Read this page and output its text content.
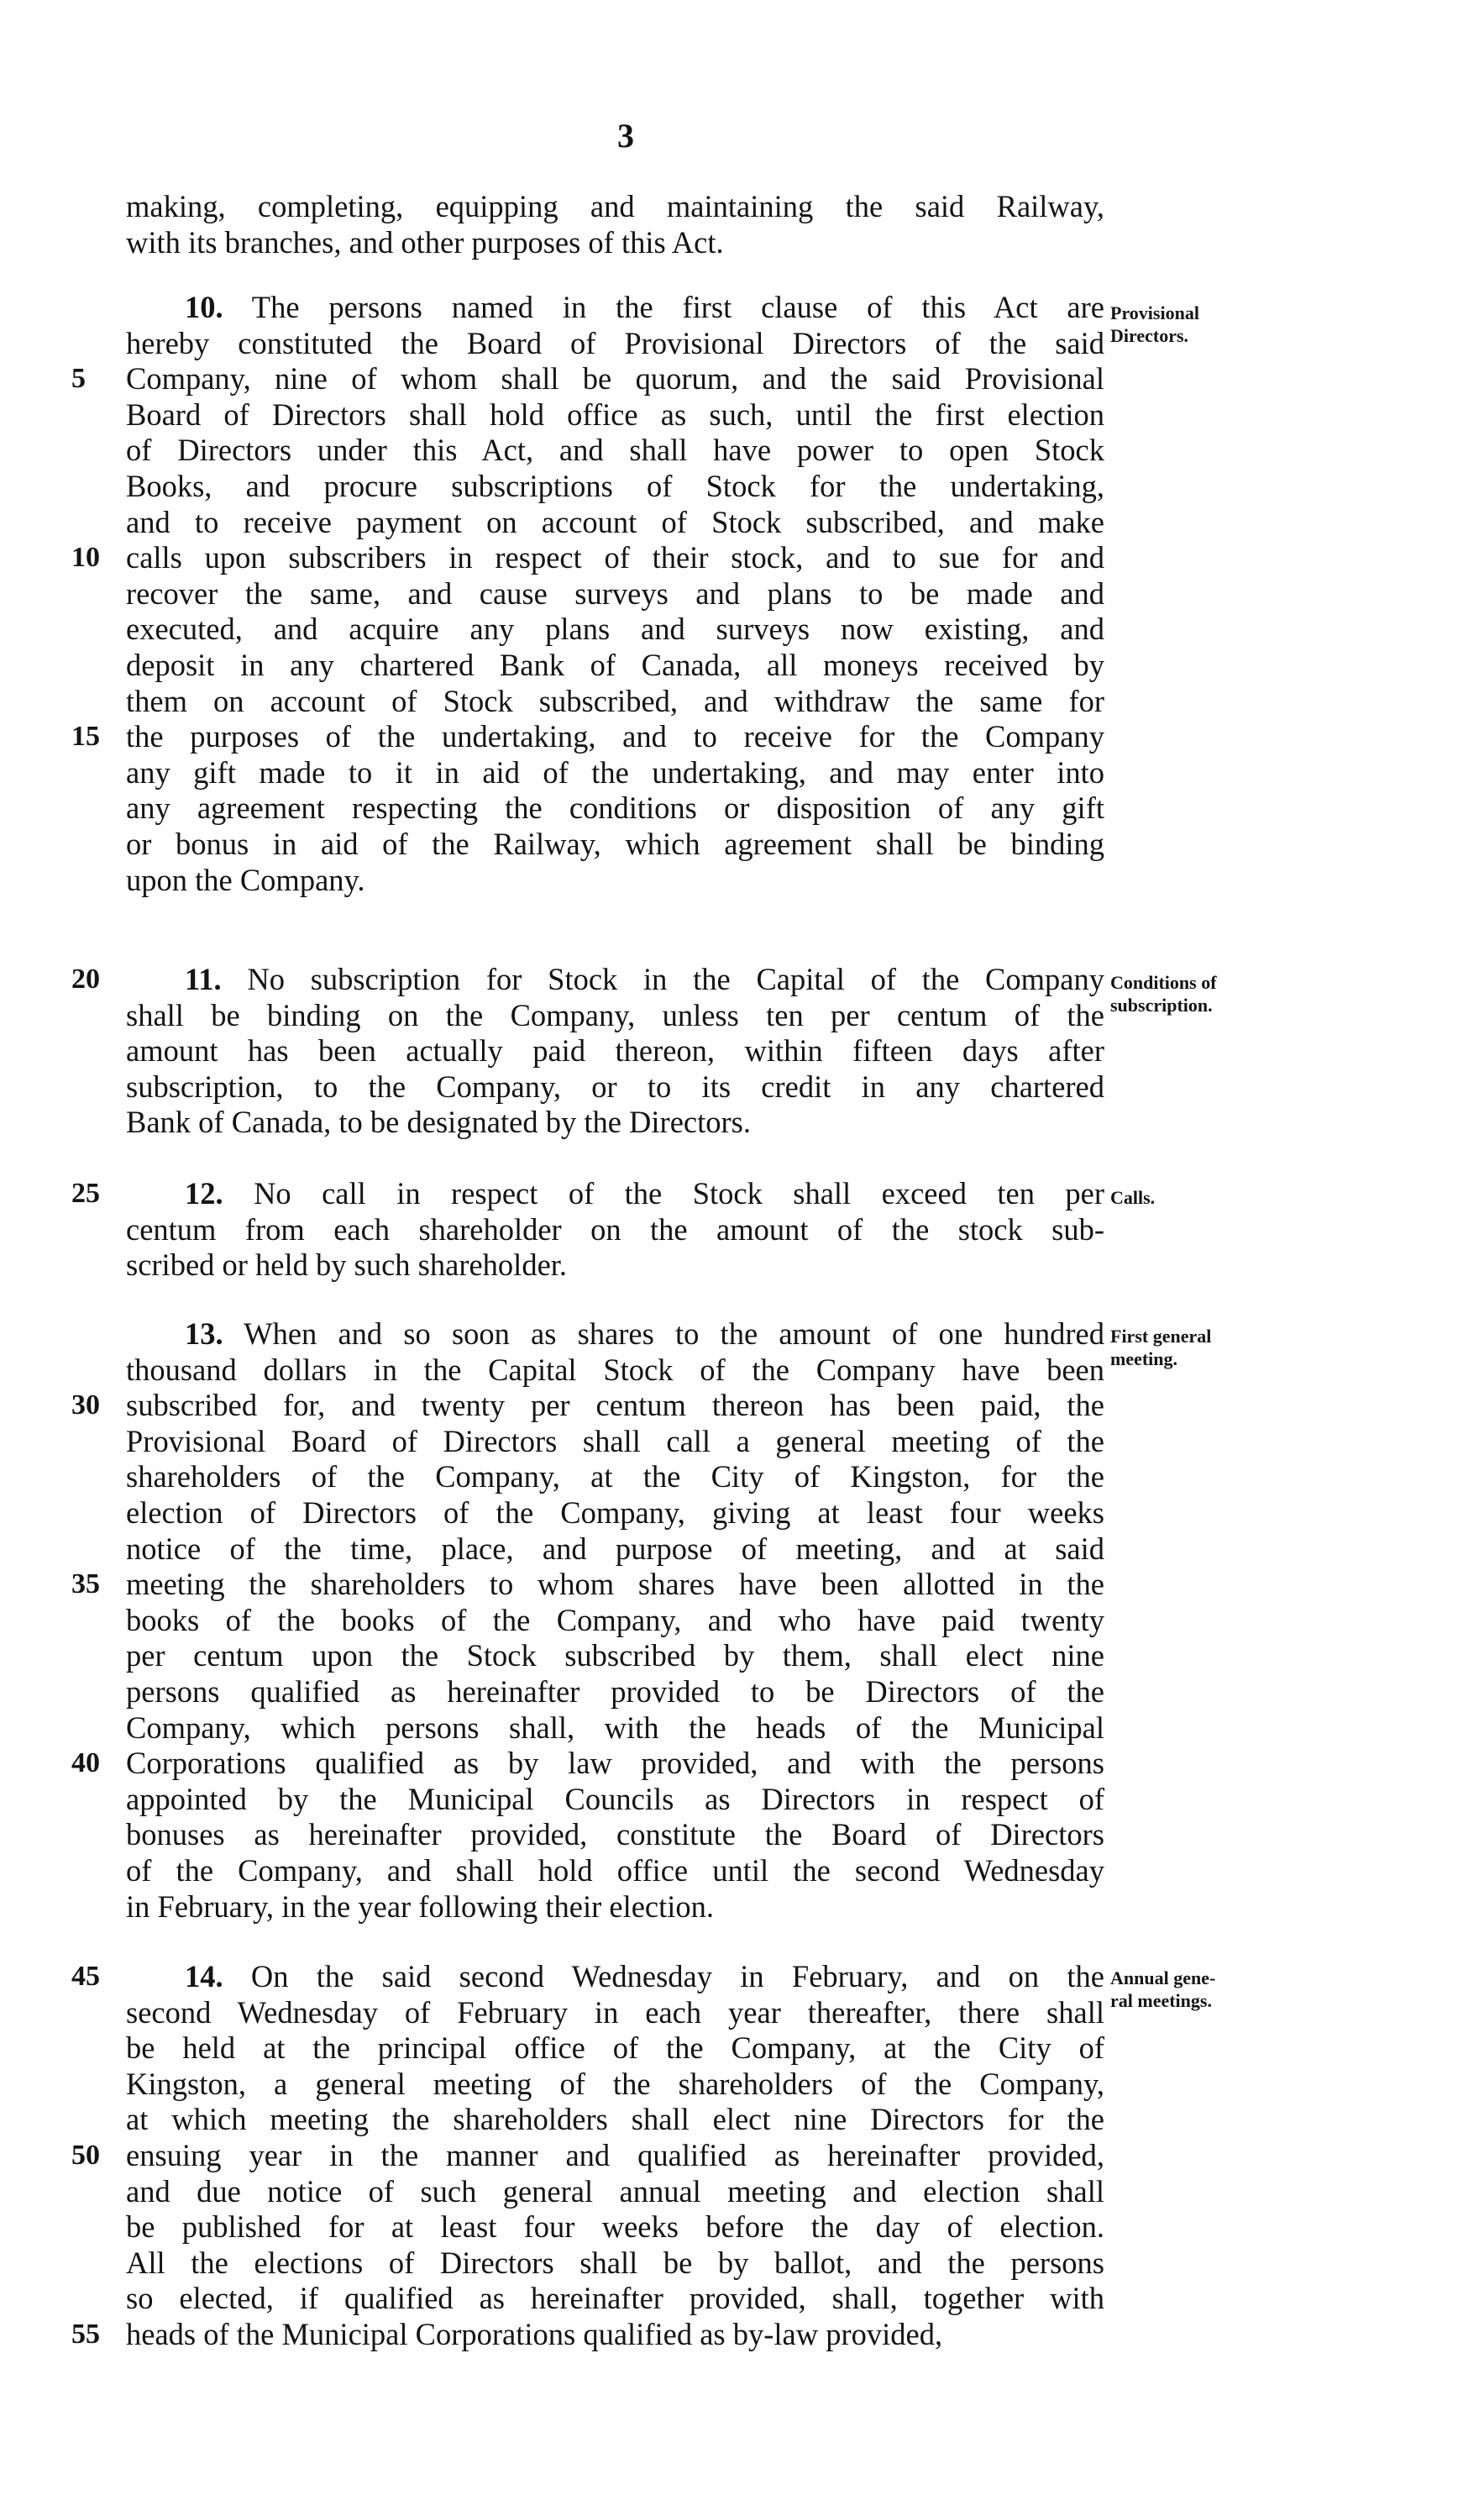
3
making, completing, equipping and maintaining the said Railway,
with its branches, and other purposes of this Act.
10. The persons named in the first clause of this Act are
hereby constituted the Board of Provisional Directors of the said
Company, nine of whom shall be quorum, and the said Provisional
5
Board of Directors shall hold office as such, until the first election
of Directors under this Act, and shall have power to open Stock
Books, and procure subscriptions of Stock for the undertaking,
and to receive payment on account of Stock subscribed, and make
calls upon subscribers in respect of their stock, and to sue for and
10
recover the same, and cause surveys and plans to be made and
executed, and acquire any plans and surveys now existing, and
deposit in any chartered Bank of Canada, all moneys received by
them on account of Stock subscribed, and withdraw the same for
the purposes of the undertaking, and to receive for the Company
15
any gift made to it in aid of the undertaking, and may enter into
any agreement respecting the conditions or disposition of any gift
or bonus in aid of the Railway, which agreement shall be binding
upon the Company.
11. No subscription for Stock in the Capital of the Company
20
shall be binding on the Company, unless ten per centum of the
amount has been actually paid thereon, within fifteen days after
subscription, to the Company, or to its credit in any chartered
Bank of Canada, to be designated by the Directors.
12. No call in respect of the Stock shall exceed ten per
25
centum from each shareholder on the amount of the stock sub-
scribed or held by such shareholder.
13. When and so soon as shares to the amount of one hundred
thousand dollars in the Capital Stock of the Company have been
subscribed for, and twenty per centum thereon has been paid, the
30
Provisional Board of Directors shall call a general meeting of the
shareholders of the Company, at the City of Kingston, for the
election of Directors of the Company, giving at least four weeks
notice of the time, place, and purpose of meeting, and at said
meeting the shareholders to whom shares have been allotted in the
35
books of the books of the Company, and who have paid twenty
per centum upon the Stock subscribed by them, shall elect nine
persons qualified as hereinafter provided to be Directors of the
Company, which persons shall, with the heads of the Municipal
Corporations qualified as by law provided, and with the persons
40
appointed by the Municipal Councils as Directors in respect of
bonuses as hereinafter provided, constitute the Board of Directors
of the Company, and shall hold office until the second Wednesday
in February, in the year following their election.
14. On the said second Wednesday in February, and on the
45
second Wednesday of February in each year thereafter, there shall
be held at the principal office of the Company, at the City of
Kingston, a general meeting of the shareholders of the Company,
at which meeting the shareholders shall elect nine Directors for the
ensuing year in the manner and qualified as hereinafter provided,
50
and due notice of such general annual meeting and election shall
be published for at least four weeks before the day of election.
All the elections of Directors shall be by ballot, and the persons
so elected, if qualified as hereinafter provided, shall, together with
heads of the Municipal Corporations qualified as by-law provided,
55
Provisional
Directors.
Conditions of
subscription.
Calls.
First general
meeting.
Annual gene-
ral meetings.
